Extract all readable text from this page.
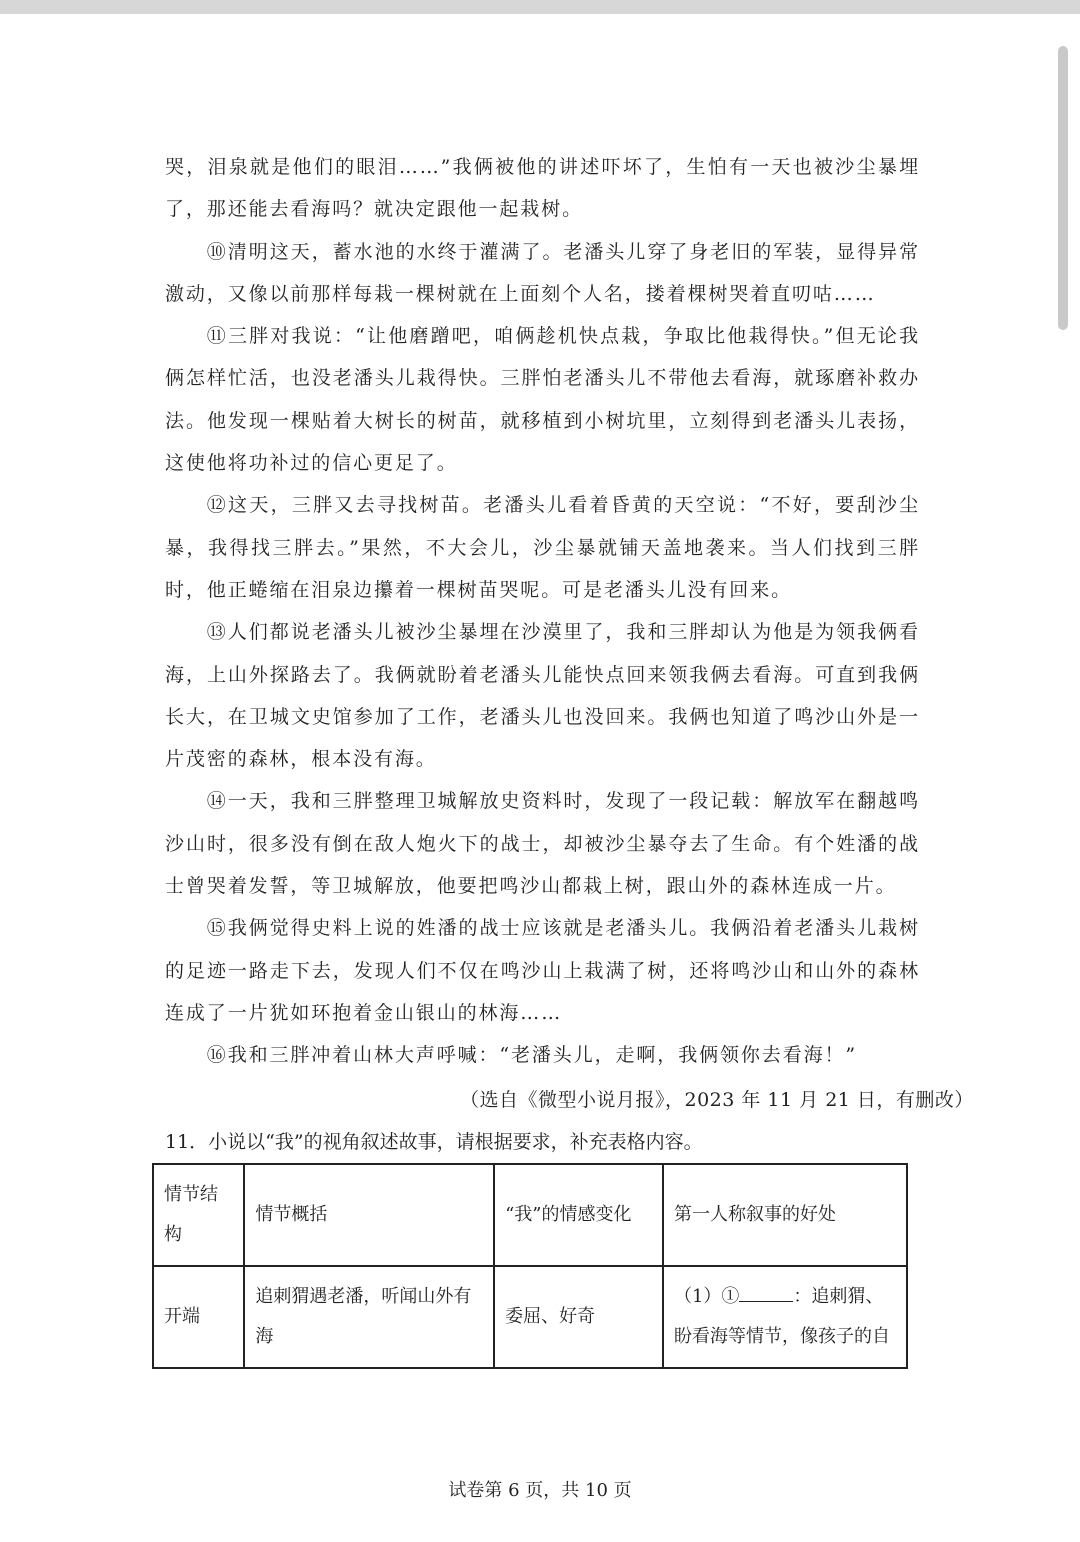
哭，泪泉就是他们的眼泪……”我俩被他的讲述吓坏了，生怕有一天也被沙尘暴埋了，那还能去看海吗？就决定跟他一起栽树。

⑩清明这天，蓄水池的水终于灌满了。老潘头儿穿了身老旧的军装，显得异常激动，又像以前那样每栽一棵树就在上面刻个人名，搂着棵树哭着直叨咕……

⑪三胖对我说：“让他磨蹭吧，咱俩趁机快点栽，争取比他栽得快。”但无论我俩怎样忙活，也没老潘头儿栽得快。三胖怕老潘头儿不带他去看海，就琢磨补救办法。他发现一棵贴着大树长的树苗，就移植到小树坑里，立刻得到老潘头儿表扬，这使他将功补过的信心更足了。

⑫这天，三胖又去寻找树苗。老潘头儿看着昏黄的天空说：“不好，要刮沙尘暴，我得找三胖去。”果然，不大会儿，沙尘暴就铺天盖地袭来。当人们找到三胖时，他正蜷缩在泪泉边攥着一棵树苗哭呢。可是老潘头儿没有回来。

⑬人们都说老潘头儿被沙尘暴埋在沙漠里了，我和三胖却认为他是为领我俩看海，上山外探路去了。我俩就盼着老潘头儿能快点回来领我俩去看海。可直到我俩长大，在卫城文史馆参加了工作，老潘头儿也没回来。我俩也知道了鸣沙山外是一片茂密的森林，根本没有海。

⑭一天，我和三胖整理卫城解放史资料时，发现了一段记载：解放军在翻越鸣沙山时，很多没有倒在敌人炮火下的战士，却被沙尘暴夺去了生命。有个姓潘的战士曾哭着发誓，等卫城解放，他要把鸣沙山都栽上树，跟山外的森林连成一片。

⑮我俩觉得史料上说的姓潘的战士应该就是老潘头儿。我俩沿着老潘头儿栽树的足迹一路走下去，发现人们不仅在鸣沙山上栽满了树，还将鸣沙山和山外的森林连成了一片犹如环抱着金山银山的林海……

⑯我和三胖冲着山林大声呼喊：“老潘头儿，走啊，我俩领你去看海！”

（选自《微型小说月报》，2023 年 11 月 21 日，有删改）
11．小说以“我”的视角叙述故事，请根据要求，补充表格内容。
情节结构	情节概括	“我”的情感变化	第一人称叙事的好处
开端	追刺猬遇老潘，听闻山外有海	委屈、好奇	（1）① ：追刺猬、盼看海等情节，像孩子的自
试卷第 6 页，共 10 页
